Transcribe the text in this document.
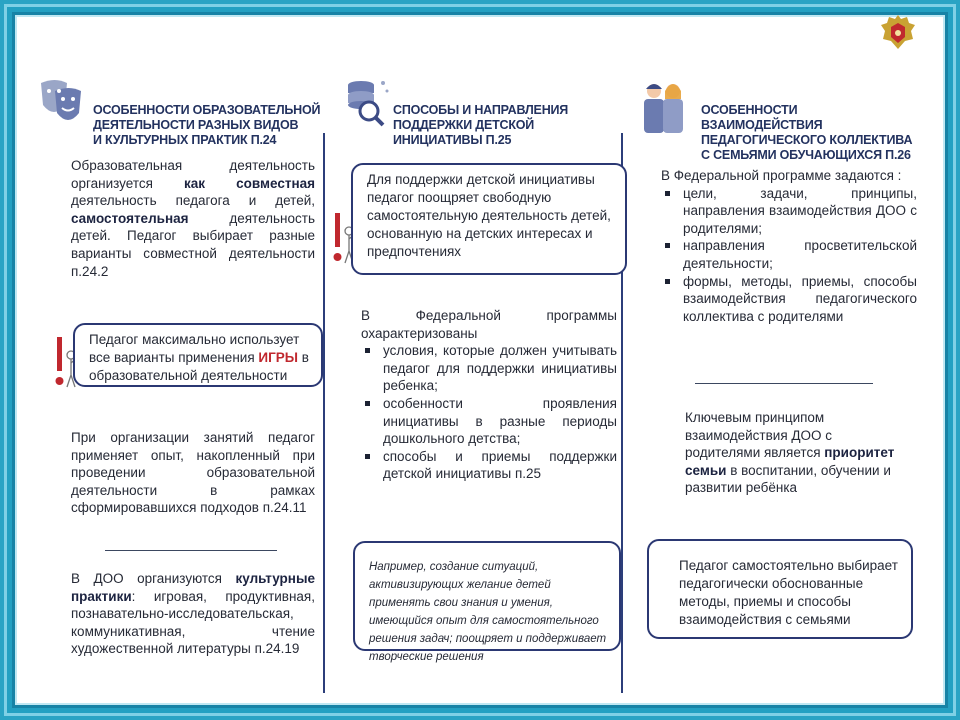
ОСОБЕННОСТИ ОБРАЗОВАТЕЛЬНОЙ
ДЕЯТЕЛЬНОСТИ РАЗНЫХ ВИДОВ
И КУЛЬТУРНЫХ ПРАКТИК П.24
Образовательная деятельность организуется как совместная деятельность педагога и детей, самостоятельная деятельность детей. Педагог выбирает разные варианты совместной деятельности п.24.2
Педагог максимально использует все варианты применения ИГРЫ в образовательной деятельности
При организации занятий педагог применяет опыт, накопленный при проведении образовательной деятельности в рамках сформировавшихся подходов п.24.11
В ДОО организуются культурные практики: игровая, продуктивная, познавательно-исследовательская, коммуникативная, чтение художественной литературы п.24.19
СПОСОБЫ И НАПРАВЛЕНИЯ
ПОДДЕРЖКИ ДЕТСКОЙ
ИНИЦИАТИВЫ П.25
Для поддержки детской инициативы педагог поощряет свободную самостоятельную деятельность детей, основанную на детских интересах и предпочтениях
В Федеральной программы охарактеризованы
условия, которые должен учитывать педагог для поддержки инициативы ребенка;
особенности проявления инициативы в разные периоды дошкольного детства;
способы и приемы поддержки детской инициативы п.25
Например, создание ситуаций, активизирующих желание детей применять свои знания и умения, имеющийся опыт для самостоятельного решения задач; поощряет и поддерживает творческие решения
ОСОБЕННОСТИ
ВЗАИМОДЕЙСТВИЯ
ПЕДАГОГИЧЕСКОГО КОЛЛЕКТИВА
С СЕМЬЯМИ ОБУЧАЮЩИХСЯ П.26
В Федеральной программе задаются :
цели, задачи, принципы, направления взаимодействия ДОО с родителями;
направления просветительской деятельности;
формы, методы, приемы, способы взаимодействия педагогического коллектива с родителями
Ключевым принципом взаимодействия ДОО с родителями является приоритет семьи в воспитании, обучении и развитии ребёнка
Педагог самостоятельно выбирает педагогически обоснованные методы, приемы и способы взаимодействия с семьями
